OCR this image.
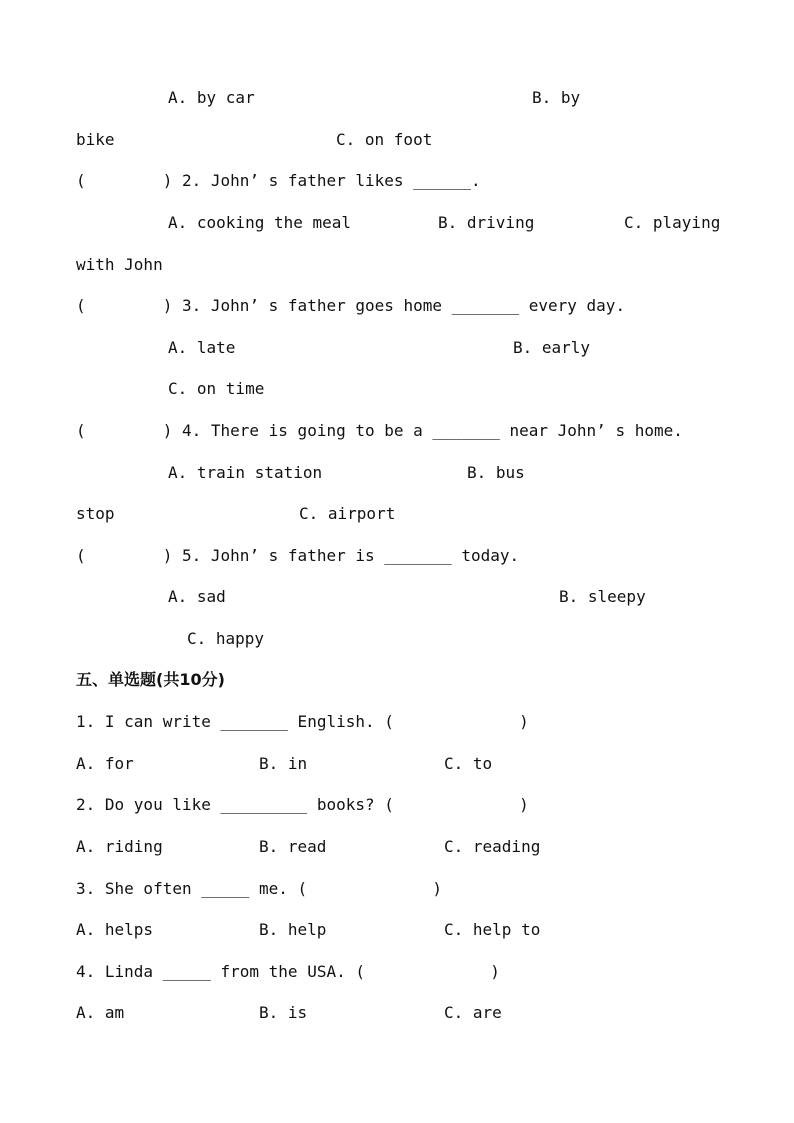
A. by car	B. by
bike	C. on foot
(        ) 2. John’ s father likes ______.
A. cooking the meal	B. driving	C. playing
with John
(        ) 3. John’ s father goes home _______ every day.
A. late	B. early
C. on time
(        ) 4. There is going to be a _______ near John’ s home.
A. train station	B. bus
stop	C. airport
(        ) 5. John’ s father is _______ today.
A. sad	B. sleepy
C. happy
五、单选题(共10分)
1. I can write _______ English. (             )
A. for	B. in	C. to
2. Do you like _________ books? (             )
A. riding	B. read	C. reading
3. She often _____ me. (             )
A. helps	B. help	C. help to
4. Linda _____ from the USA. (             )
A. am	B. is	C. are
